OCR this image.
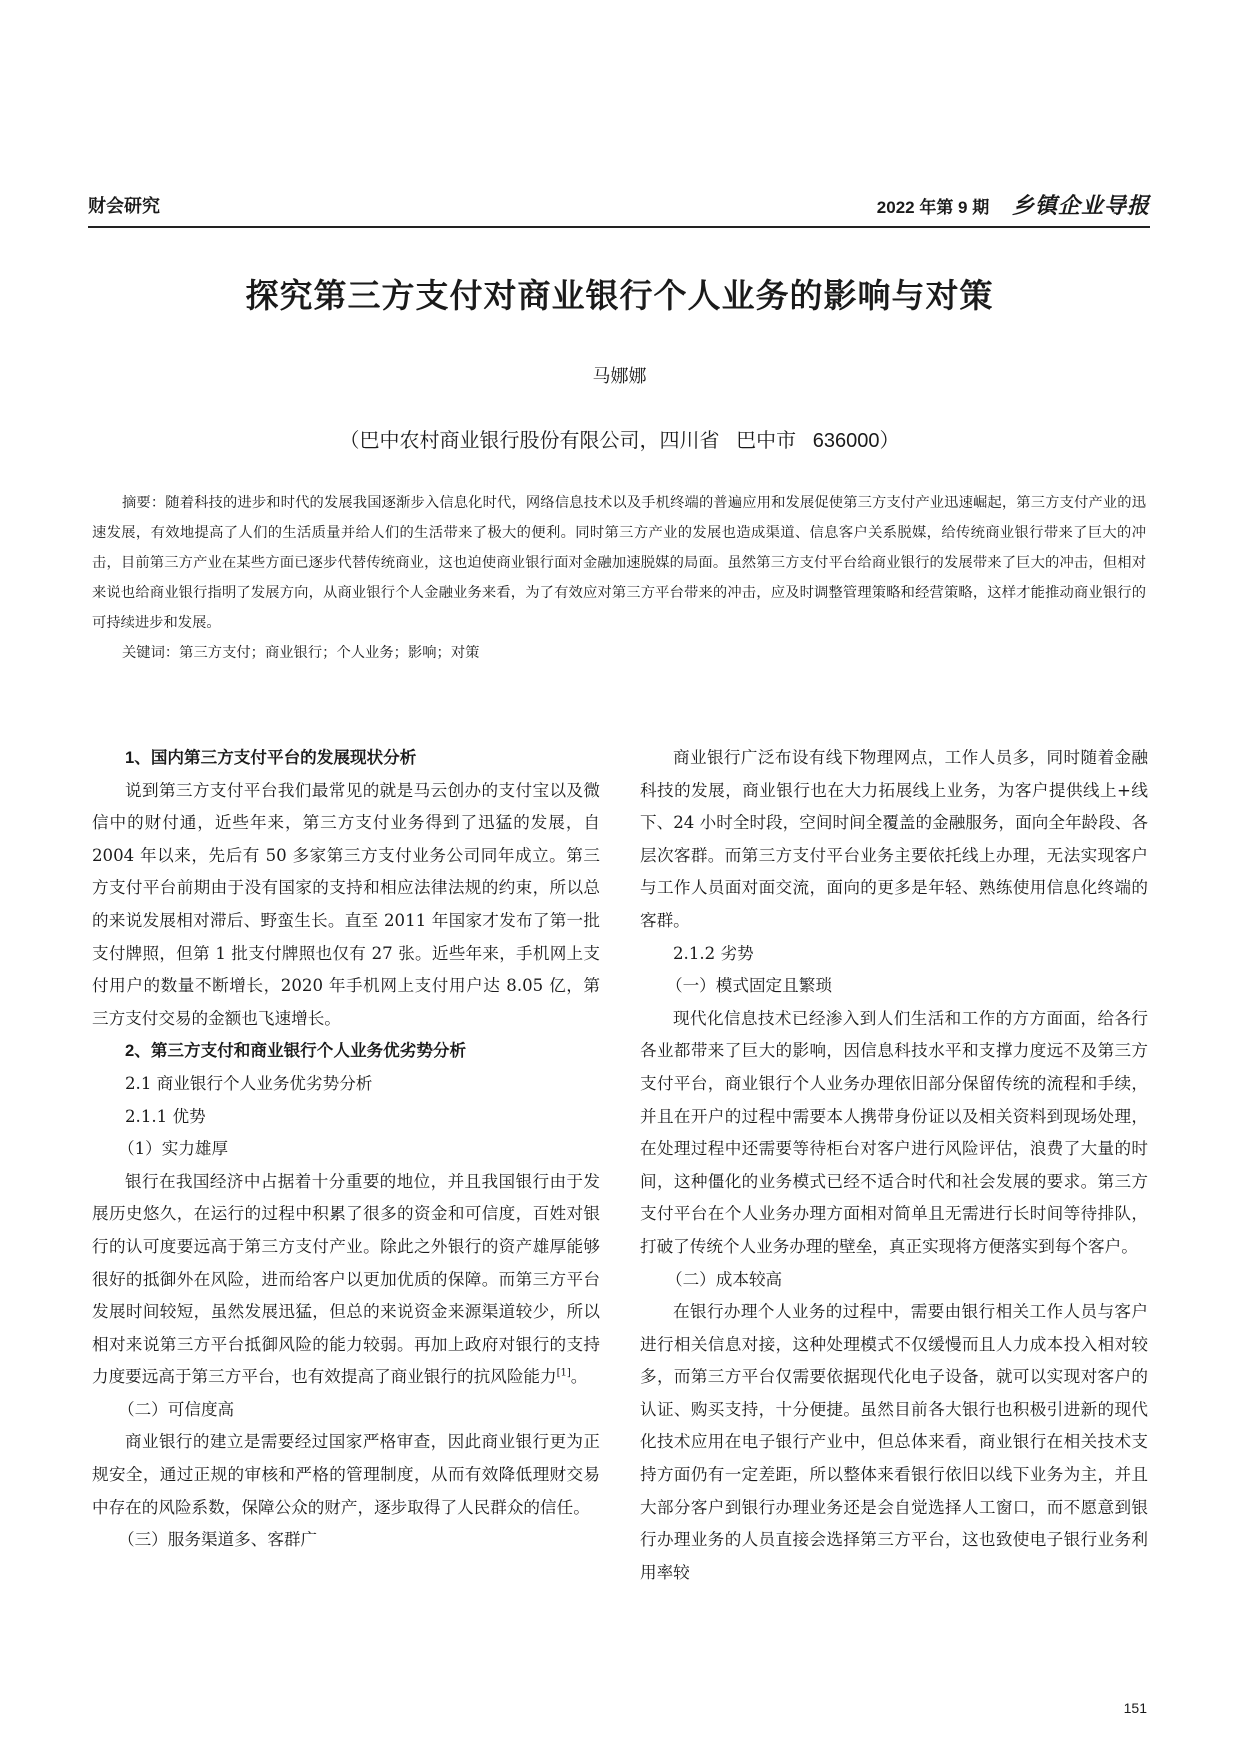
财会研究	2022 年第 9 期 乡镇企业导报
探究第三方支付对商业银行个人业务的影响与对策
马娜娜
（巴中农村商业银行股份有限公司，四川省   巴中市   636000）

摘要：随着科技的进步和时代的发展我国逐渐步入信息化时代，网络信息技术以及手机终端的普遍应用和发展促使第三方支付产业迅速崛起，第三方支付产业的迅速发展，有效地提高了人们的生活质量并给人们的生活带来了极大的便利。同时第三方产业的发展也造成渠道、信息客户关系脱媒，给传统商业银行带来了巨大的冲击，目前第三方产业在某些方面已逐步代替传统商业，这也迫使商业银行面对金融加速脱媒的局面。虽然第三方支付平台给商业银行的发展带来了巨大的冲击，但相对来说也给商业银行指明了发展方向，从商业银行个人金融业务来看，为了有效应对第三方平台带来的冲击，应及时调整管理策略和经营策略，这样才能推动商业银行的可持续进步和发展。

关键词：第三方支付；商业银行；个人业务；影响；对策

1、国内第三方支付平台的发展现状分析

说到第三方支付平台我们最常见的就是马云创办的支付宝以及微信中的财付通，近些年来，第三方支付业务得到了迅猛的发展，自 2004 年以来，先后有 50 多家第三方支付业务公司同年成立。第三方支付平台前期由于没有国家的支持和相应法律法规的约束，所以总的来说发展相对滞后、野蛮生长。直至 2011 年国家才发布了第一批支付牌照，但第 1 批支付牌照也仅有 27 张。近些年来，手机网上支付用户的数量不断增长，2020 年手机网上支付用户达 8.05 亿，第三方支付交易的金额也飞速增长。

2、第三方支付和商业银行个人业务优劣势分析

2.1 商业银行个人业务优劣势分析

2.1.1 优势

（1）实力雄厚

银行在我国经济中占据着十分重要的地位，并且我国银行由于发展历史悠久，在运行的过程中积累了很多的资金和可信度，百姓对银行的认可度要远高于第三方支付产业。除此之外银行的资产雄厚能够很好的抵御外在风险，进而给客户以更加优质的保障。而第三方平台发展时间较短，虽然发展迅猛，但总的来说资金来源渠道较少，所以相对来说第三方平台抵御风险的能力较弱。再加上政府对银行的支持力度要远高于第三方平台，也有效提高了商业银行的抗风险能力[1]。

（二）可信度高

商业银行的建立是需要经过国家严格审查，因此商业银行更为正规安全，通过正规的审核和严格的管理制度，从而有效降低理财交易中存在的风险系数，保障公众的财产，逐步取得了人民群众的信任。

（三）服务渠道多、客群广

商业银行广泛布设有线下物理网点，工作人员多，同时随着金融科技的发展，商业银行也在大力拓展线上业务，为客户提供线上+线下、24 小时全时段，空间时间全覆盖的金融服务，面向全年龄段、各层次客群。而第三方支付平台业务主要依托线上办理，无法实现客户与工作人员面对面交流，面向的更多是年轻、熟练使用信息化终端的客群。

2.1.2 劣势

（一）模式固定且繁琐

现代化信息技术已经渗入到人们生活和工作的方方面面，给各行各业都带来了巨大的影响，因信息科技水平和支撑力度远不及第三方支付平台，商业银行个人业务办理依旧部分保留传统的流程和手续，并且在开户的过程中需要本人携带身份证以及相关资料到现场处理，在处理过程中还需要等待柜台对客户进行风险评估，浪费了大量的时间，这种僵化的业务模式已经不适合时代和社会发展的要求。第三方支付平台在个人业务办理方面相对简单且无需进行长时间等待排队，打破了传统个人业务办理的壁垒，真正实现将方便落实到每个客户。

（二）成本较高

在银行办理个人业务的过程中，需要由银行相关工作人员与客户进行相关信息对接，这种处理模式不仅缓慢而且人力成本投入相对较多，而第三方平台仅需要依据现代化电子设备，就可以实现对客户的认证、购买支持，十分便捷。虽然目前各大银行也积极引进新的现代化技术应用在电子银行产业中，但总体来看，商业银行在相关技术支持方面仍有一定差距，所以整体来看银行依旧以线下业务为主，并且大部分客户到银行办理业务还是会自觉选择人工窗口，而不愿意到银行办理业务的人员直接会选择第三方平台，这也致使电子银行业务利用率较

151
